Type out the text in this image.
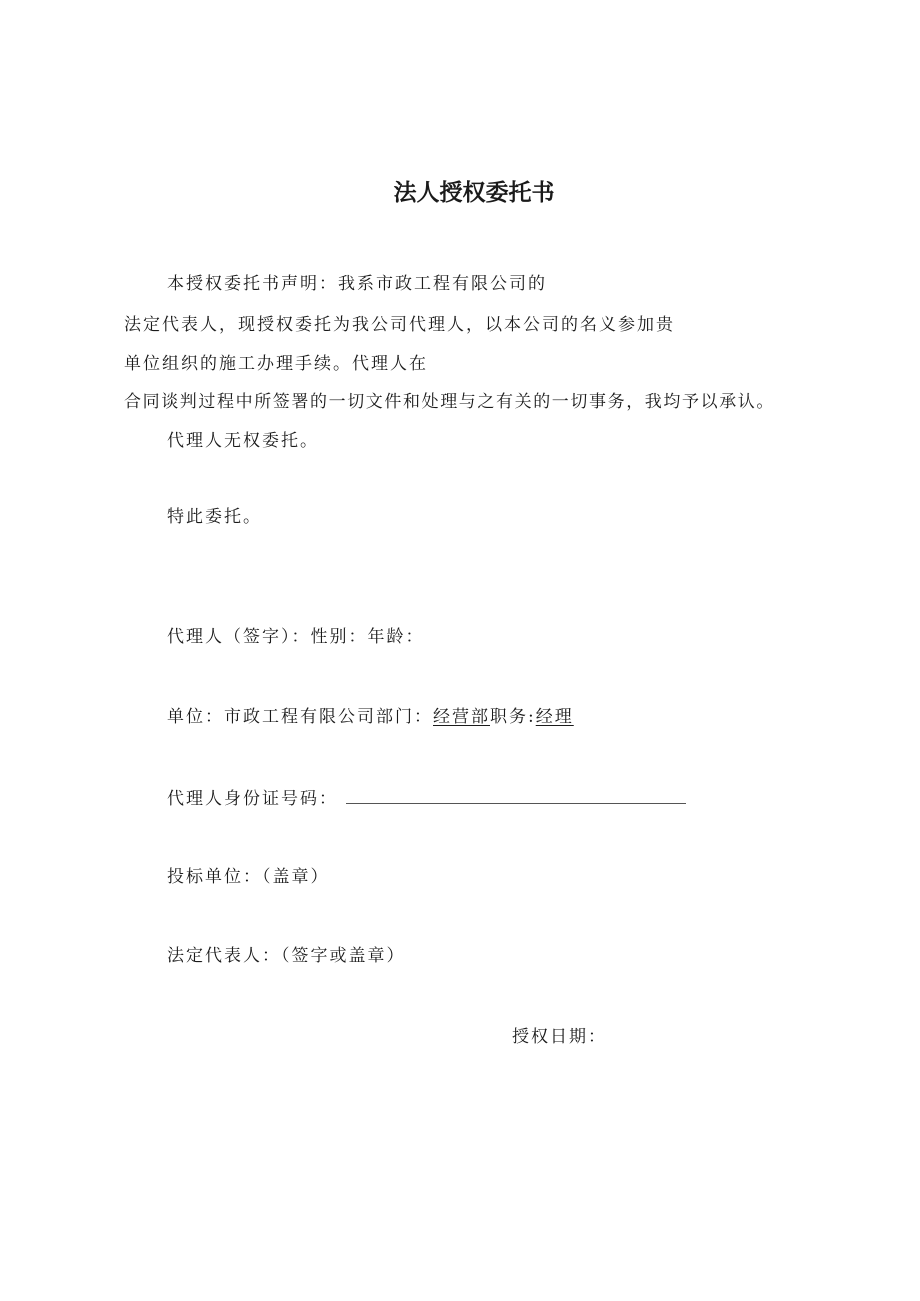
法人授权委托书
本授权委托书声明：我系市政工程有限公司的
法定代表人，现授权委托为我公司代理人，以本公司的名义参加贵
单位组织的施工办理手续。代理人在
合同谈判过程中所签署的一切文件和处理与之有关的一切事务，我均予以承认。
代理人无权委托。
特此委托。
代理人（签字）：性别：年龄：
单位：市政工程有限公司部门：经营部职务:经理
代理人身份证号码：
投标单位：（盖章）
法定代表人：（签字或盖章）
授权日期：
